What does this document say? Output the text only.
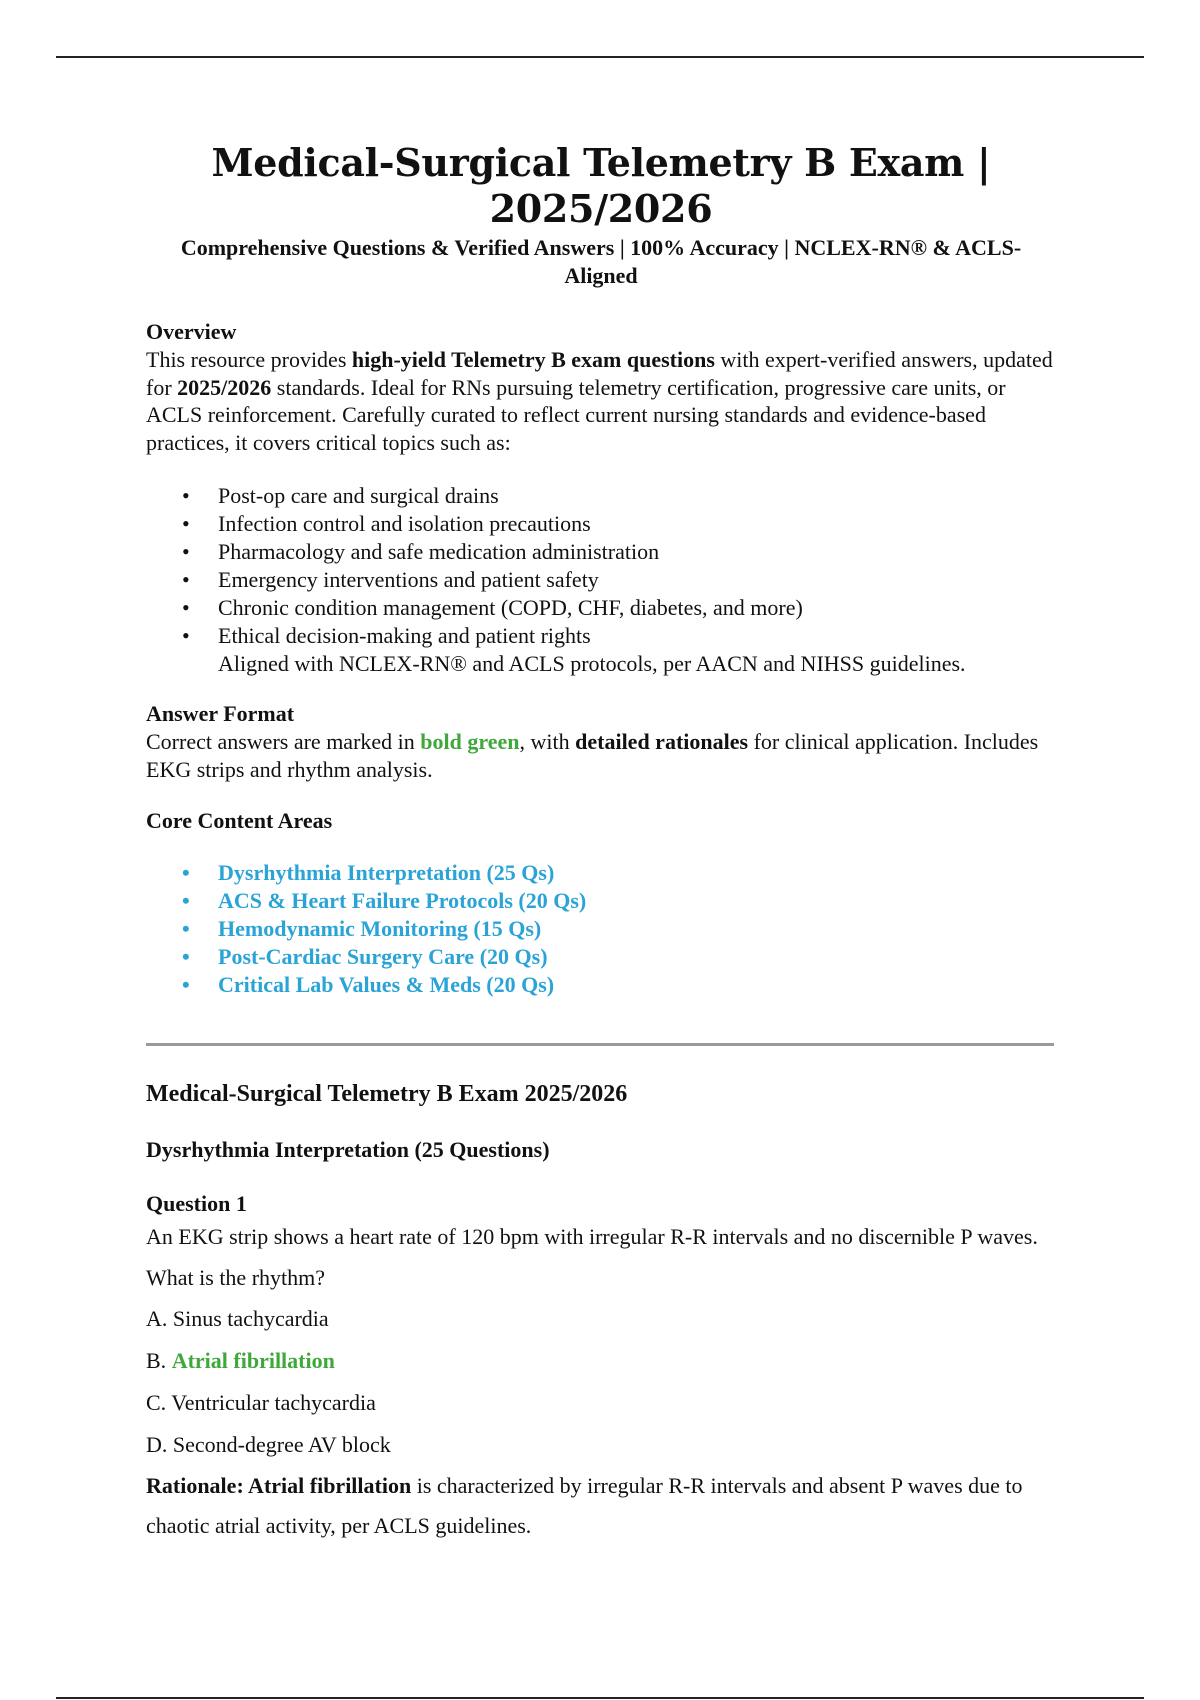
Medical-Surgical Telemetry B Exam | 2025/2026
Comprehensive Questions & Verified Answers | 100% Accuracy | NCLEX-RN® & ACLS-Aligned
Overview

This resource provides high-yield Telemetry B exam questions with expert-verified answers, updated for 2025/2026 standards. Ideal for RNs pursuing telemetry certification, progressive care units, or ACLS reinforcement. Carefully curated to reflect current nursing standards and evidence-based practices, it covers critical topics such as:

• Post-op care and surgical drains
• Infection control and isolation precautions
• Pharmacology and safe medication administration
• Emergency interventions and patient safety
• Chronic condition management (COPD, CHF, diabetes, and more)
• Ethical decision-making and patient rights
Aligned with NCLEX-RN® and ACLS protocols, per AACN and NIHSS guidelines.
Answer Format

Correct answers are marked in bold green, with detailed rationales for clinical application. Includes EKG strips and rhythm analysis.

Core Content Areas
• Dysrhythmia Interpretation (25 Qs)
• ACS & Heart Failure Protocols (20 Qs)
• Hemodynamic Monitoring (15 Qs)
• Post-Cardiac Surgery Care (20 Qs)
• Critical Lab Values & Meds (20 Qs)
Medical-Surgical Telemetry B Exam 2025/2026
Dysrhythmia Interpretation (25 Questions)
Question 1

An EKG strip shows a heart rate of 120 bpm with irregular R-R intervals and no discernible P waves. What is the rhythm?

A. Sinus tachycardia

B. Atrial fibrillation

C. Ventricular tachycardia

D. Second-degree AV block

Rationale: Atrial fibrillation is characterized by irregular R-R intervals and absent P waves due to chaotic atrial activity, per ACLS guidelines.
